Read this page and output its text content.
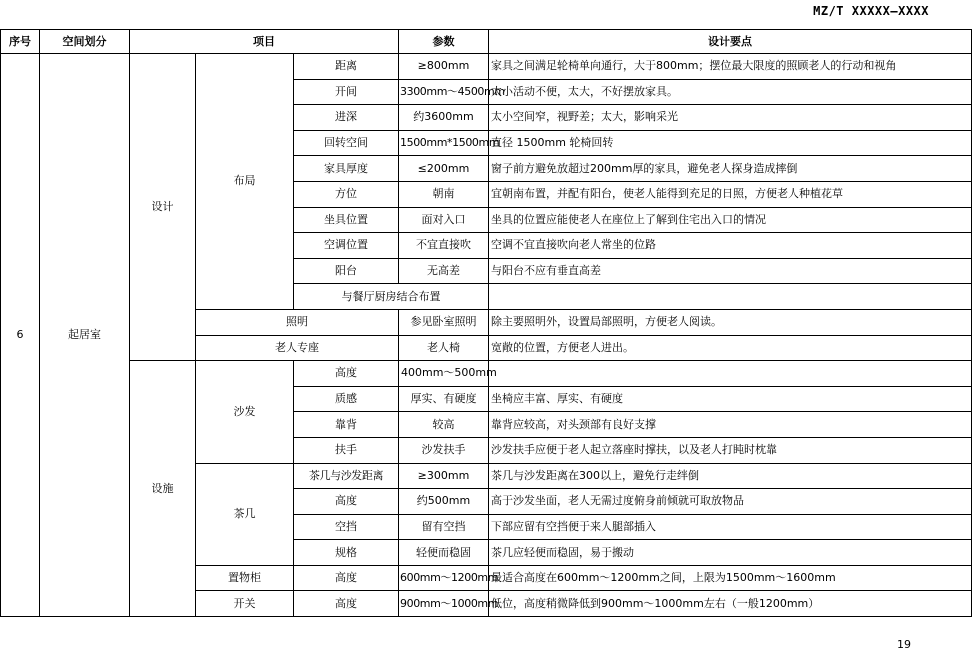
MZ/T XXXXX—XXXX
序号	空间划分	项目			参数	设计要点
6	起居室	设计	布局	距离	≥800mm	家具之间满足轮椅单向通行，大于800mm；摆位最大限度的照顾老人的行动和视角
				开间	3300mm～4500mm	太小活动不便，太大，不好摆放家具。
				进深	约3600mm	太小空间窄，视野差；太大，影响采光
				回转空间	1500mm*1500mm	直径 1500mm 轮椅回转
				家具厚度	≤200mm	窗子前方避免放超过200mm厚的家具，避免老人探身造成摔倒
				方位	朝南	宜朝南布置，并配有阳台，使老人能得到充足的日照，方便老人种植花草
				坐具位置	面对入口	坐具的位置应能使老人在座位上了解到住宅出入口的情况
				空调位置	不宜直接吹	空调不宜直接吹向老人常坐的位路
				阳台	无高差	与阳台不应有垂直高差
				与餐厅厨房结合布置		
			照明		参见卧室照明	除主要照明外，设置局部照明，方便老人阅读。
			老人专座		老人椅	宽敞的位置，方便老人进出。
		设施	沙发	高度	400mm～500mm	
				质感	厚实、有硬度	坐椅应丰富、厚实、有硬度
				靠背	较高	靠背应较高，对头颈部有良好支撑
				扶手	沙发扶手	沙发扶手应便于老人起立落座时撑扶，以及老人打盹时枕靠
			茶几	茶几与沙发距离	≥300mm	茶几与沙发距离在300以上，避免行走绊倒
				高度	约500mm	高于沙发坐面，老人无需过度俯身前倾就可取放物品
				空挡	留有空挡	下部应留有空挡便于来人腿部插入
				规格	轻便而稳固	茶几应轻便而稳固，易于搬动
			置物柜	高度	600mm～1200mm	最适合高度在600mm～1200mm之间，上限为1500mm～1600mm
			开关	高度	900mm～1000mm	低位，高度稍微降低到900mm～1000mm左右（一般1200mm）
19
